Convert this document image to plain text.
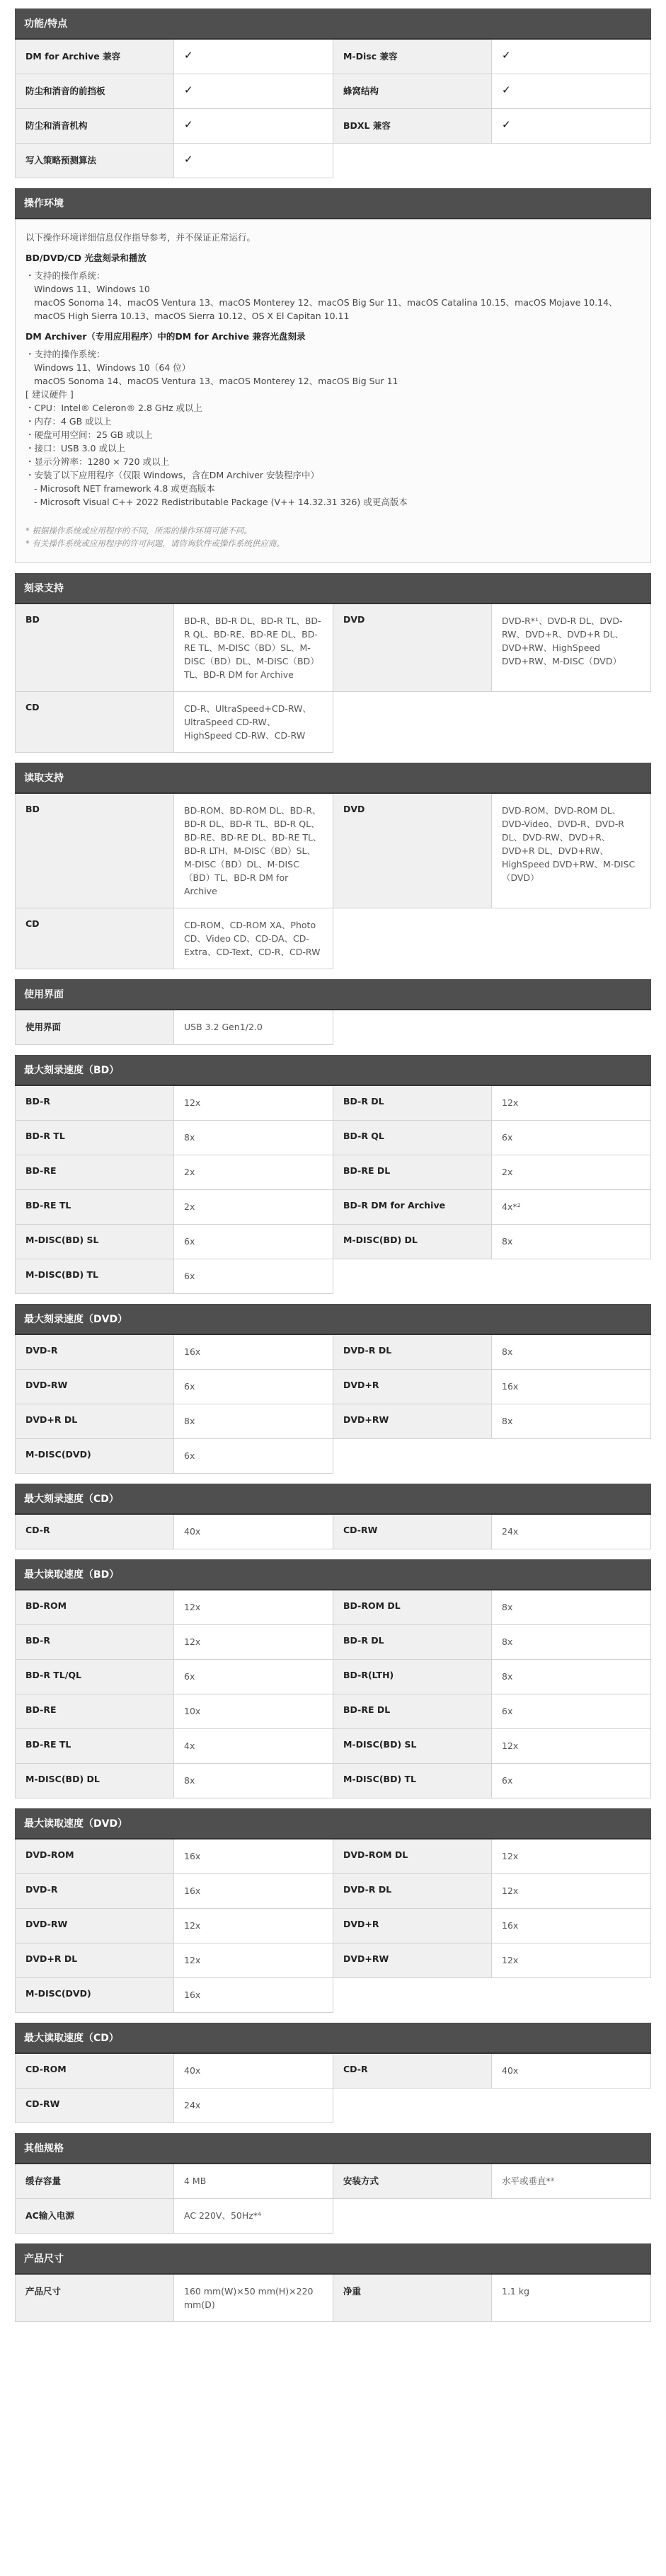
功能/特点
DM for Archive 兼容	✓	M-Disc 兼容	✓
防尘和消音的前挡板	✓	蜂窝结构	✓
防尘和消音机构	✓	BDXL 兼容	✓
写入策略预测算法	✓
操作环境
以下操作环境详细信息仅作指导参考，并不保证正常运行。
BD/DVD/CD 光盘刻录和播放
・支持的操作系统：
Windows 11、Windows 10
macOS Sonoma 14、macOS Ventura 13、macOS Monterey 12、macOS Big Sur 11、macOS Catalina 10.15、macOS Mojave 10.14、
macOS High Sierra 10.13、macOS Sierra 10.12、OS X El Capitan 10.11
DM Archiver（专用应用程序）中的DM for Archive 兼容光盘刻录
・支持的操作系统：
Windows 11、Windows 10（64 位）
macOS Sonoma 14、macOS Ventura 13、macOS Monterey 12、macOS Big Sur 11
[ 建议硬件 ]
・CPU：Intel® Celeron® 2.8 GHz 或以上
・内存：4 GB 或以上
・硬盘可用空间：25 GB 或以上
・接口：USB 3.0 或以上
・显示分辨率：1280 × 720 或以上
・安装了以下应用程序（仅限 Windows，含在DM Archiver 安装程序中）
- Microsoft NET framework 4.8 或更高版本
- Microsoft Visual C++ 2022 Redistributable Package (V++ 14.32.31 326) 或更高版本
* 根据操作系统或应用程序的不同，所需的操作环境可能不同。
* 有关操作系统或应用程序的许可问题，请咨询软件或操作系统供应商。
刻录支持
BD	BD-R、BD-R DL、BD-R TL、BD-R QL、BD-RE、BD-RE DL、BD-RE TL、M-DISC（BD）SL、M-DISC（BD）DL、M-DISC（BD）TL、BD-R DM for Archive
DVD	DVD-R*¹、DVD-R DL、DVD-RW、DVD+R、DVD+R DL、DVD+RW、HighSpeed DVD+RW、M-DISC（DVD）
CD	CD-R、UltraSpeed+CD-RW、UltraSpeed CD-RW、HighSpeed CD-RW、CD-RW
读取支持
BD	BD-ROM、BD-ROM DL、BD-R、BD-R DL、BD-R TL、BD-R QL、BD-RE、BD-RE DL、BD-RE TL、BD-R LTH、M-DISC（BD）SL、M-DISC（BD）DL、M-DISC（BD）TL、BD-R DM for Archive
DVD	DVD-ROM、DVD-ROM DL、DVD-Video、DVD-R、DVD-R DL、DVD-RW、DVD+R、DVD+R DL、DVD+RW、HighSpeed DVD+RW、M-DISC（DVD）
CD	CD-ROM、CD-ROM XA、Photo CD、Video CD、CD-DA、CD-Extra、CD-Text、CD-R、CD-RW
使用界面
使用界面	USB 3.2 Gen1/2.0
最大刻录速度（BD）
BD-R	12x	BD-R DL	12x
BD-R TL	8x	BD-R QL	6x
BD-RE	2x	BD-RE DL	2x
BD-RE TL	2x	BD-R DM for Archive	4x*²
M-DISC(BD) SL	6x	M-DISC(BD) DL	8x
M-DISC(BD) TL	6x
最大刻录速度（DVD）
DVD-R	16x	DVD-R DL	8x
DVD-RW	6x	DVD+R	16x
DVD+R DL	8x	DVD+RW	8x
M-DISC(DVD)	6x
最大刻录速度（CD）
CD-R	40x	CD-RW	24x
最大读取速度（BD）
BD-ROM	12x	BD-ROM DL	8x
BD-R	12x	BD-R DL	8x
BD-R TL/QL	6x	BD-R(LTH)	8x
BD-RE	10x	BD-RE DL	6x
BD-RE TL	4x	M-DISC(BD) SL	12x
M-DISC(BD) DL	8x	M-DISC(BD) TL	6x
最大读取速度（DVD）
DVD-ROM	16x	DVD-ROM DL	12x
DVD-R	16x	DVD-R DL	12x
DVD-RW	12x	DVD+R	16x
DVD+R DL	12x	DVD+RW	12x
M-DISC(DVD)	16x
最大读取速度（CD）
CD-ROM	40x	CD-R	40x
CD-RW	24x
其他规格
缓存容量	4 MB	安装方式	水平或垂直*³
AC输入电源	AC 220V、50Hz*⁴
产品尺寸
产品尺寸	160 mm(W)×50 mm(H)×220 mm(D)
净重	1.1 kg
